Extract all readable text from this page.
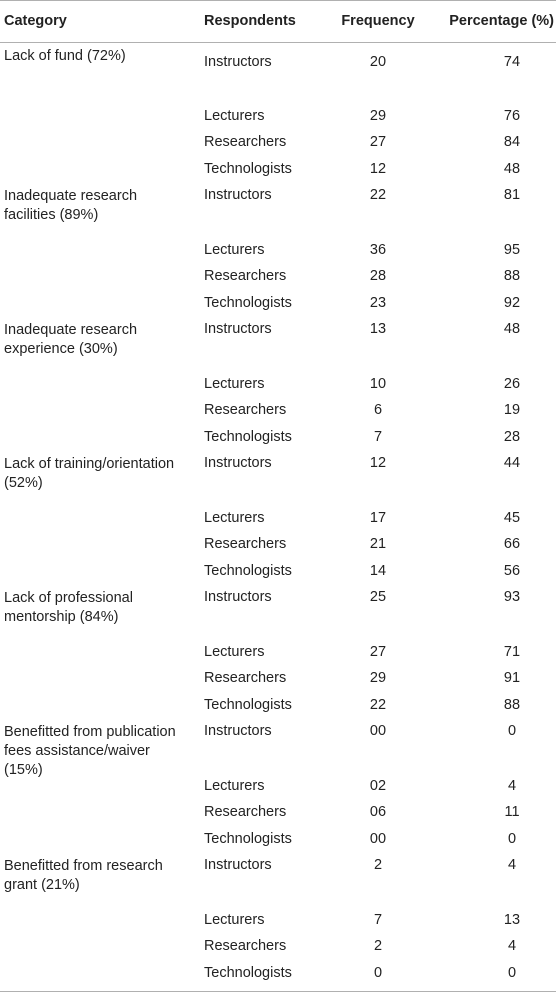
Category	Respondents	Frequency	Percentage (%)

Lack of fund (72%)	Instructors	20	74
	Lecturers	29	76
	Researchers	27	84
	Technologists	12	48

Inadequate research facilities (89%)	Instructors	22	81
	Lecturers	36	95
	Researchers	28	88
	Technologists	23	92

Inadequate research experience (30%)	Instructors	13	48
	Lecturers	10	26
	Researchers	6	19
	Technologists	7	28

Lack of training/orientation (52%)	Instructors	12	44
	Lecturers	17	45
	Researchers	21	66
	Technologists	14	56

Lack of professional mentorship (84%)	Instructors	25	93
	Lecturers	27	71
	Researchers	29	91
	Technologists	22	88

Benefitted from publication fees assistance/waiver (15%)	Instructors	00	0
	Lecturers	02	4
	Researchers	06	11
	Technologists	00	0

Benefitted from research grant (21%)	Instructors	2	4
	Lecturers	7	13
	Researchers	2	4
	Technologists	0	0
